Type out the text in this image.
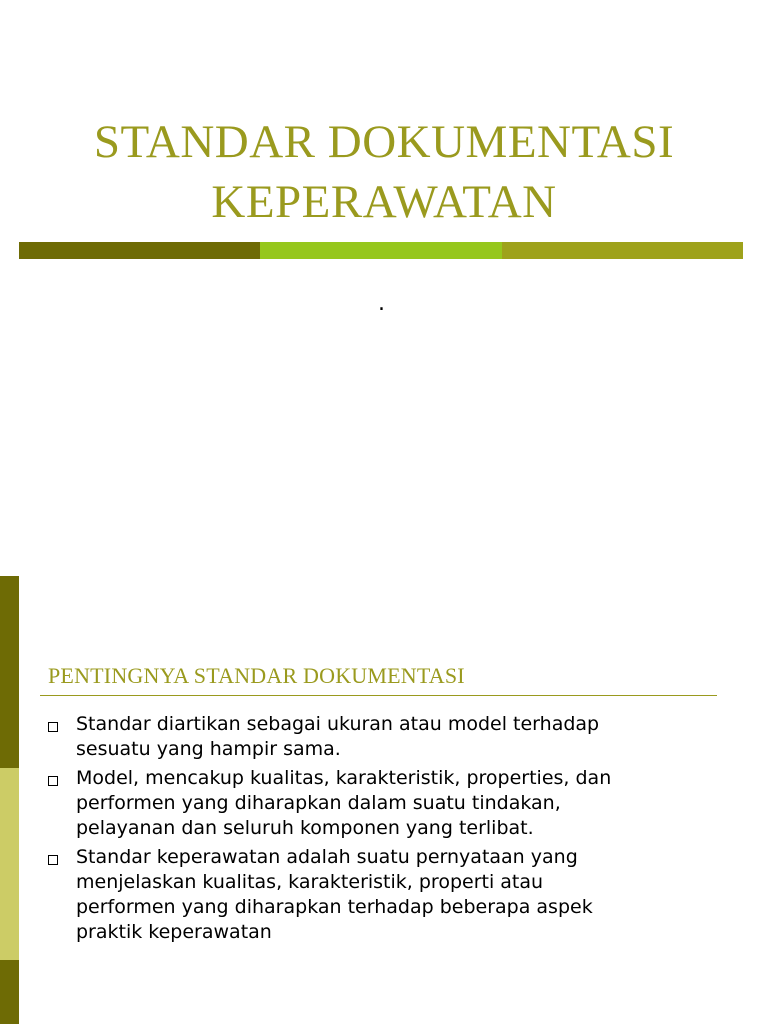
STANDAR DOKUMENTASI
KEPERAWATAN
.
PENTINGNYA STANDAR DOKUMENTASI
Standar diartikan sebagai ukuran atau model terhadap
sesuatu yang hampir sama.
Model, mencakup kualitas, karakteristik, properties, dan
performen yang diharapkan dalam suatu tindakan,
pelayanan dan seluruh komponen yang terlibat.
Standar keperawatan adalah suatu pernyataan yang
menjelaskan kualitas, karakteristik, properti atau
performen yang diharapkan terhadap beberapa aspek
praktik keperawatan
